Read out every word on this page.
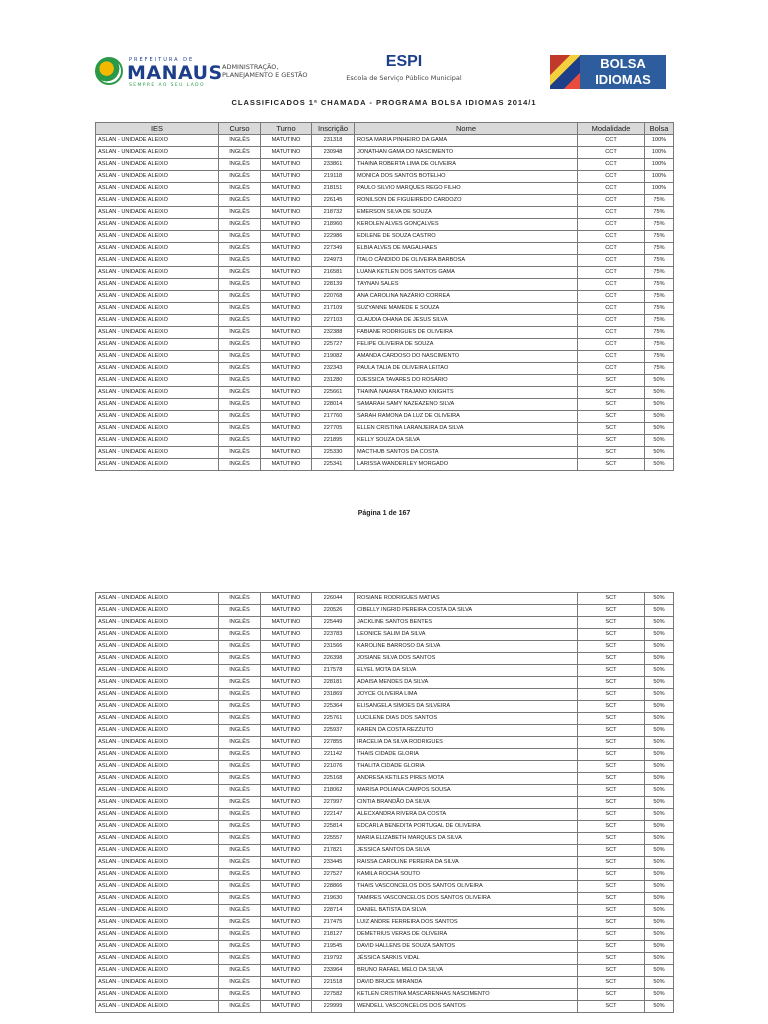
PREFEITURA DE
MANAUS
SEMPRE AO SEU LADO
ADMINISTRAÇÃO,
PLANEJAMENTO E GESTÃO
ESPI
Escola de Serviço Público Municipal
BOLSA
IDIOMAS
CLASSIFICADOS 1ª CHAMADA - PROGRAMA BOLSA IDIOMAS 2014/1
IES	Curso	Turno	Inscrição	Nome	Modalidade	Bolsa
ASLAN - UNIDADE ALEIXO	INGLÊS	MATUTINO	231318	ROSA MARIA PINHEIRO DA GAMA	CCT	100%
ASLAN - UNIDADE ALEIXO	INGLÊS	MATUTINO	230948	JONATHAN GAMA DO NASCIMENTO	CCT	100%
ASLAN - UNIDADE ALEIXO	INGLÊS	MATUTINO	233861	THAINA ROBERTA LIMA DE OLIVEIRA	CCT	100%
ASLAN - UNIDADE ALEIXO	INGLÊS	MATUTINO	219118	MONICA DOS SANTOS BOTELHO	CCT	100%
ASLAN - UNIDADE ALEIXO	INGLÊS	MATUTINO	218151	PAULO SILVIO MARQUES REGO FILHO	CCT	100%
ASLAN - UNIDADE ALEIXO	INGLÊS	MATUTINO	226145	RONILSON DE FIGUEIREDO CARDOZO	CCT	75%
ASLAN - UNIDADE ALEIXO	INGLÊS	MATUTINO	218732	EMERSON SILVA DE SOUZA	CCT	75%
ASLAN - UNIDADE ALEIXO	INGLÊS	MATUTINO	218960	KEROLEN ALVES GONÇALVES	CCT	75%
ASLAN - UNIDADE ALEIXO	INGLÊS	MATUTINO	222986	EDILENE DE SOUZA CASTRO	CCT	75%
ASLAN - UNIDADE ALEIXO	INGLÊS	MATUTINO	227349	ELBIA ALVES DE MAGALHAES	CCT	75%
ASLAN - UNIDADE ALEIXO	INGLÊS	MATUTINO	224973	ÍTALO CÂNDIDO DE OLIVEIRA BARBOSA	CCT	75%
ASLAN - UNIDADE ALEIXO	INGLÊS	MATUTINO	216581	LUANA KETLEN DOS SANTOS GAMA	CCT	75%
ASLAN - UNIDADE ALEIXO	INGLÊS	MATUTINO	228139	TAYNAN SALES	CCT	75%
ASLAN - UNIDADE ALEIXO	INGLÊS	MATUTINO	220768	ANA CAROLINA NAZÁRIO CORREA	CCT	75%
ASLAN - UNIDADE ALEIXO	INGLÊS	MATUTINO	217109	SUZYANNE MAMEDE E SOUZA	CCT	75%
ASLAN - UNIDADE ALEIXO	INGLÊS	MATUTINO	227103	CLAUDIA OHANA DE JESUS SILVA	CCT	75%
ASLAN - UNIDADE ALEIXO	INGLÊS	MATUTINO	232388	FABIANE RODRIGUES DE OLIVEIRA	CCT	75%
ASLAN - UNIDADE ALEIXO	INGLÊS	MATUTINO	225727	FELIPE OLIVEIRA DE SOUZA	CCT	75%
ASLAN - UNIDADE ALEIXO	INGLÊS	MATUTINO	219082	AMANDA CARDOSO DO NASCIMENTO	CCT	75%
ASLAN - UNIDADE ALEIXO	INGLÊS	MATUTINO	232343	PAULA TALIA DE OLIVEIRA LEITAO	CCT	75%
ASLAN - UNIDADE ALEIXO	INGLÊS	MATUTINO	231280	DJESSICA TAVARES DO ROSÁRIO	SCT	50%
ASLAN - UNIDADE ALEIXO	INGLÊS	MATUTINO	225661	THAINÁ NAIARA TRAJANO KNIGHTS	SCT	50%
ASLAN - UNIDADE ALEIXO	INGLÊS	MATUTINO	228014	SAMARAH SAMY NAZEAZENO SILVA	SCT	50%
ASLAN - UNIDADE ALEIXO	INGLÊS	MATUTINO	217760	SARAH RAMONA DA LUZ DE OLIVEIRA	SCT	50%
ASLAN - UNIDADE ALEIXO	INGLÊS	MATUTINO	227705	ELLEN CRISTINA LARANJEIRA DA SILVA	SCT	50%
ASLAN - UNIDADE ALEIXO	INGLÊS	MATUTINO	221895	KELLY SOUZA DA SILVA	SCT	50%
ASLAN - UNIDADE ALEIXO	INGLÊS	MATUTINO	225330	MACTHUB SANTOS DA COSTA	SCT	50%
ASLAN - UNIDADE ALEIXO	INGLÊS	MATUTINO	225341	LARISSA WANDERLEY MORGADO	SCT	50%
Página 1 de 167
ASLAN - UNIDADE ALEIXO	INGLÊS	MATUTINO	226044	ROSIANE RODRIGUES MATIAS	SCT	50%
ASLAN - UNIDADE ALEIXO	INGLÊS	MATUTINO	220526	CIBELLY INGRID PEREIRA COSTA DA SILVA	SCT	50%
ASLAN - UNIDADE ALEIXO	INGLÊS	MATUTINO	225449	JACKLINE SANTOS BENTES	SCT	50%
ASLAN - UNIDADE ALEIXO	INGLÊS	MATUTINO	223783	LEONICE SALIM DA SILVA	SCT	50%
ASLAN - UNIDADE ALEIXO	INGLÊS	MATUTINO	231566	KAROLINE BARROSO DA SILVA	SCT	50%
ASLAN - UNIDADE ALEIXO	INGLÊS	MATUTINO	226398	JOSIANE SILVA DOS SANTOS	SCT	50%
ASLAN - UNIDADE ALEIXO	INGLÊS	MATUTINO	217578	ELYEL MOTA DA SILVA	SCT	50%
ASLAN - UNIDADE ALEIXO	INGLÊS	MATUTINO	228181	ADAISA MENDES DA SILVA	SCT	50%
ASLAN - UNIDADE ALEIXO	INGLÊS	MATUTINO	231869	JOYCE OLIVEIRA LIMA	SCT	50%
ASLAN - UNIDADE ALEIXO	INGLÊS	MATUTINO	225364	ELISANGELA SIMOES DA SILVEIRA	SCT	50%
ASLAN - UNIDADE ALEIXO	INGLÊS	MATUTINO	225761	LUCILENE DIAS DOS SANTOS	SCT	50%
ASLAN - UNIDADE ALEIXO	INGLÊS	MATUTINO	225937	KAREN DA COSTA REZZUTO	SCT	50%
ASLAN - UNIDADE ALEIXO	INGLÊS	MATUTINO	227855	IRACELIA DA SILVA RODRIGUES	SCT	50%
ASLAN - UNIDADE ALEIXO	INGLÊS	MATUTINO	221142	THAIS CIDADE GLORIA	SCT	50%
ASLAN - UNIDADE ALEIXO	INGLÊS	MATUTINO	221076	THALITA CIDADE GLORIA	SCT	50%
ASLAN - UNIDADE ALEIXO	INGLÊS	MATUTINO	225168	ANDRESA KETILES PIRES MOTA	SCT	50%
ASLAN - UNIDADE ALEIXO	INGLÊS	MATUTINO	218062	MARISA POLIANA CAMPOS SOUSA	SCT	50%
ASLAN - UNIDADE ALEIXO	INGLÊS	MATUTINO	227997	CINTIA BRANDÃO DA SILVA	SCT	50%
ASLAN - UNIDADE ALEIXO	INGLÊS	MATUTINO	222147	ALECXANDRA RIVERA DA COSTA	SCT	50%
ASLAN - UNIDADE ALEIXO	INGLÊS	MATUTINO	225814	EDCARLA BENEDITA PORTUGAL DE OLIVEIRA	SCT	50%
ASLAN - UNIDADE ALEIXO	INGLÊS	MATUTINO	225557	MARIA ELIZABETH MARQUES DA SILVA	SCT	50%
ASLAN - UNIDADE ALEIXO	INGLÊS	MATUTINO	217821	JESSICA SANTOS DA SILVA	SCT	50%
ASLAN - UNIDADE ALEIXO	INGLÊS	MATUTINO	233445	RAISSA CAROLINE PEREIRA DA SILVA	SCT	50%
ASLAN - UNIDADE ALEIXO	INGLÊS	MATUTINO	227527	KAMILA ROCHA SOUTO	SCT	50%
ASLAN - UNIDADE ALEIXO	INGLÊS	MATUTINO	228866	THAIS VASCONCELOS DOS SANTOS OLIVEIRA	SCT	50%
ASLAN - UNIDADE ALEIXO	INGLÊS	MATUTINO	219630	TAMIRES VASCONCELOS DOS SANTOS OLIVEIRA	SCT	50%
ASLAN - UNIDADE ALEIXO	INGLÊS	MATUTINO	228714	DANIEL BATISTA DA SILVA	SCT	50%
ASLAN - UNIDADE ALEIXO	INGLÊS	MATUTINO	217475	LUIZ ANDRE FERREIRA DOS SANTOS	SCT	50%
ASLAN - UNIDADE ALEIXO	INGLÊS	MATUTINO	218127	DEMETRIUS VERAS DE OLIVEIRA	SCT	50%
ASLAN - UNIDADE ALEIXO	INGLÊS	MATUTINO	219545	DAVID HALLENS DE SOUZA SANTOS	SCT	50%
ASLAN - UNIDADE ALEIXO	INGLÊS	MATUTINO	219792	JÉSSICA SARKIS VIDAL	SCT	50%
ASLAN - UNIDADE ALEIXO	INGLÊS	MATUTINO	233964	BRUNO RAFAEL MELO DA SILVA	SCT	50%
ASLAN - UNIDADE ALEIXO	INGLÊS	MATUTINO	221518	DAVID BRUCE MIRANDA	SCT	50%
ASLAN - UNIDADE ALEIXO	INGLÊS	MATUTINO	227582	KETLEN CRISTINA MASCARENHAS NASCIMENTO	SCT	50%
ASLAN - UNIDADE ALEIXO	INGLÊS	MATUTINO	229999	WENDELL VASCONCELOS DOS SANTOS	SCT	50%
